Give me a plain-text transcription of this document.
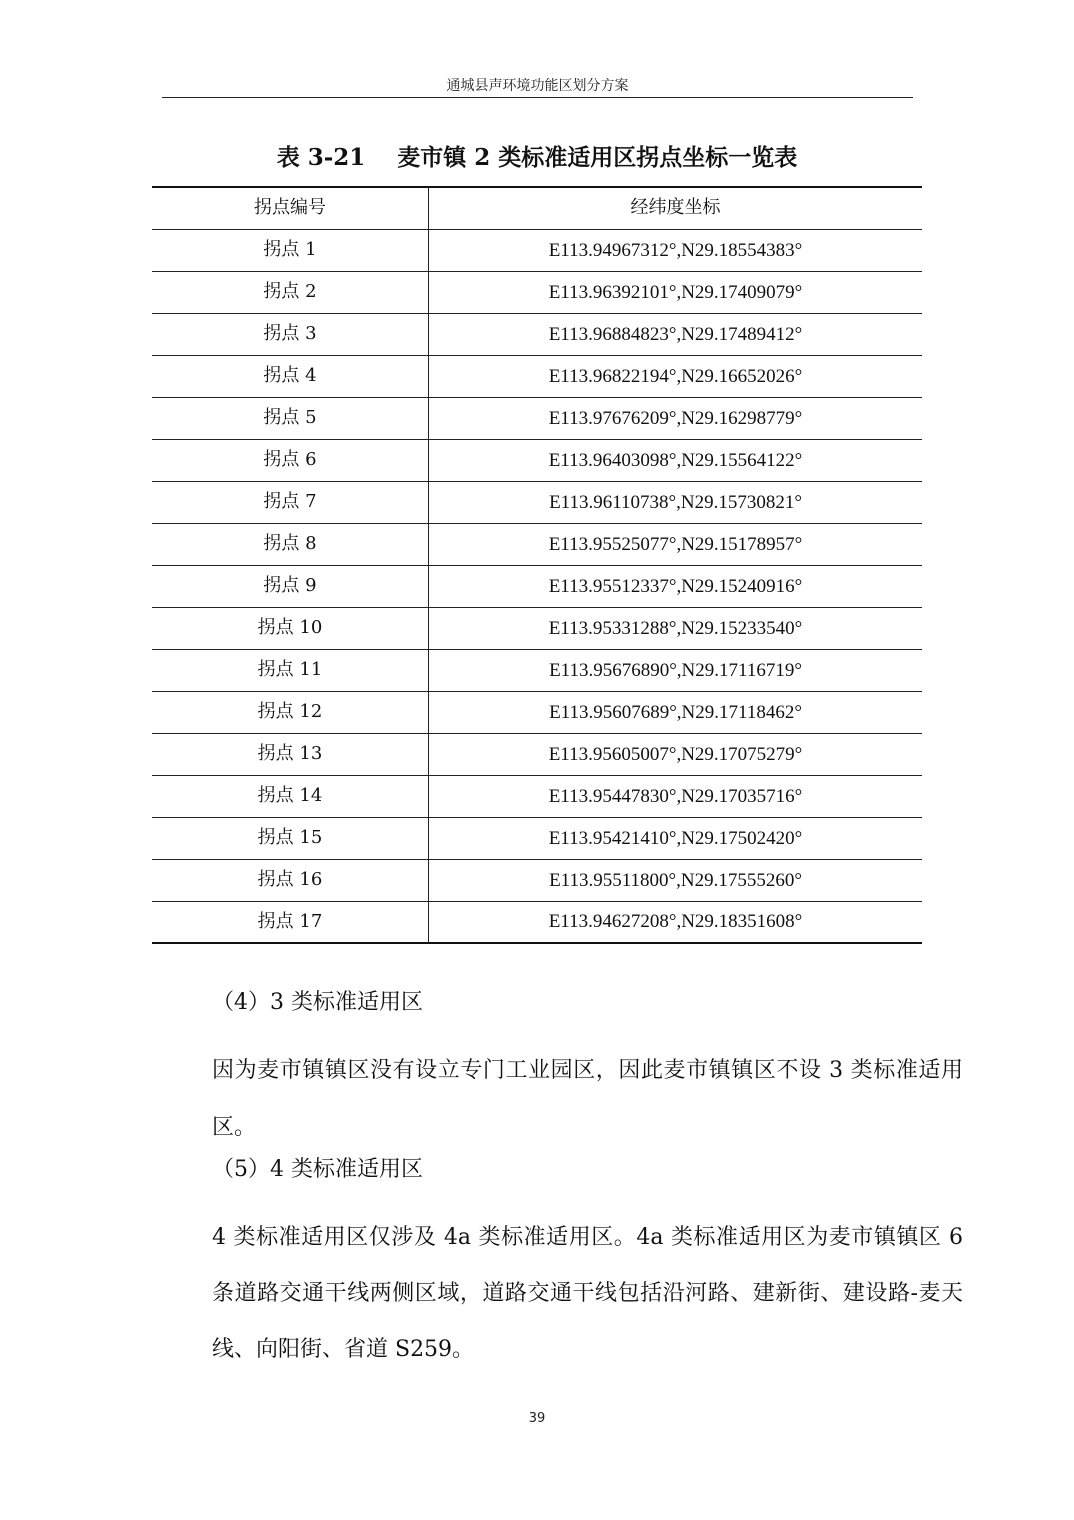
通城县声环境功能区划分方案
表 3-21    麦市镇 2 类标准适用区拐点坐标一览表
拐点编号	经纬度坐标
拐点 1	E113.94967312°,N29.18554383°
拐点 2	E113.96392101°,N29.17409079°
拐点 3	E113.96884823°,N29.17489412°
拐点 4	E113.96822194°,N29.16652026°
拐点 5	E113.97676209°,N29.16298779°
拐点 6	E113.96403098°,N29.15564122°
拐点 7	E113.96110738°,N29.15730821°
拐点 8	E113.95525077°,N29.15178957°
拐点 9	E113.95512337°,N29.15240916°
拐点 10	E113.95331288°,N29.15233540°
拐点 11	E113.95676890°,N29.17116719°
拐点 12	E113.95607689°,N29.17118462°
拐点 13	E113.95605007°,N29.17075279°
拐点 14	E113.95447830°,N29.17035716°
拐点 15	E113.95421410°,N29.17502420°
拐点 16	E113.95511800°,N29.17555260°
拐点 17	E113.94627208°,N29.18351608°
（4）3 类标准适用区
因为麦市镇镇区没有设立专门工业园区，因此麦市镇镇区不设 3 类标准适用区。
（5）4 类标准适用区
4 类标准适用区仅涉及 4a 类标准适用区。4a 类标准适用区为麦市镇镇区 6 条道路交通干线两侧区域，道路交通干线包括沿河路、建新街、建设路-麦天线、向阳街、省道 S259。
39
